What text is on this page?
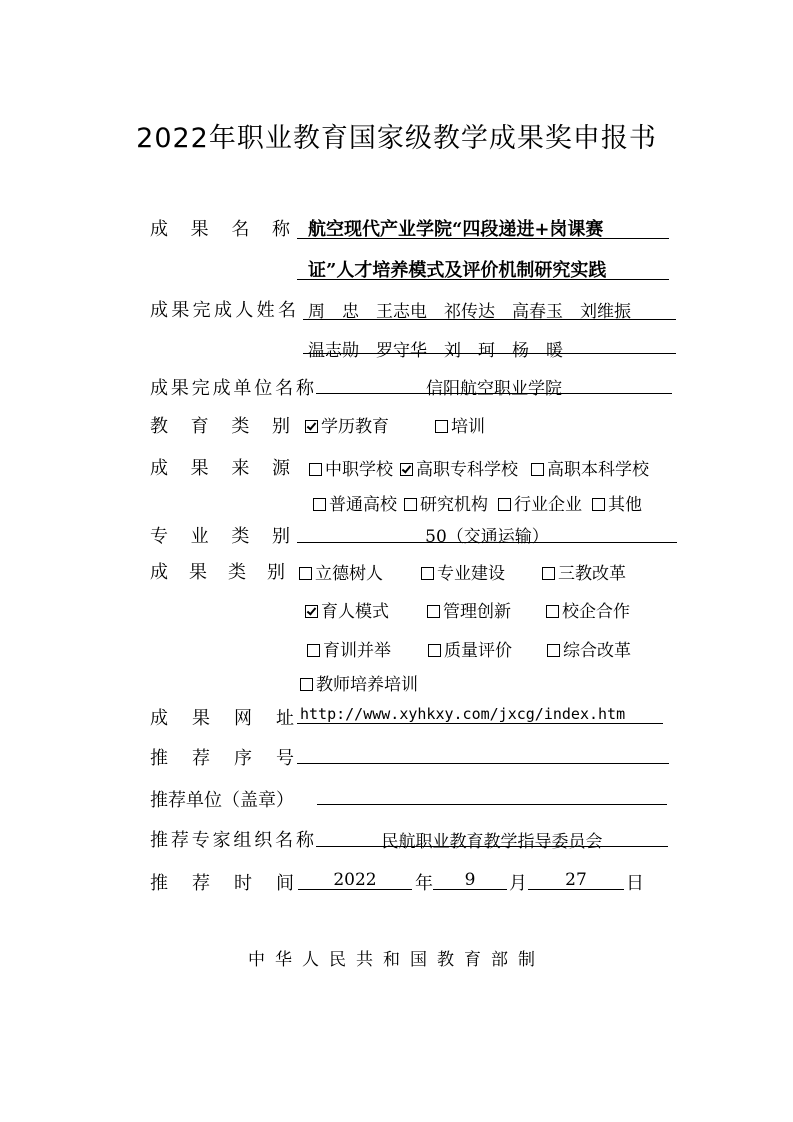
2022年职业教育国家级教学成果奖申报书
成果名称 航空现代产业学院“四段递进+岗课赛
证”人才培养模式及评价机制研究实践
成果完成人姓名 周　忠　王志电　祁传达　高春玉　刘维振
温志勋　罗守华　刘　珂　杨　暖
成果完成单位名称	信阳航空职业学院
教育类别	学历教育	培训
成果来源	中职学校	高职专科学校	高职本科学校
普通高校	研究机构	行业企业	其他
专业类别	50（交通运输）
成果类别	立德树人	专业建设	三教改革
育人模式	管理创新	校企合作
育训并举	质量评价	综合改革
教师培养培训
成果网址 http://www.xyhkxy.com/jxcg/index.htm
推荐序号
推荐单位（盖章）
推荐专家组织名称	民航职业教育教学指导委员会
推荐时间	2022	年	9	月	27	日
中华人民共和国教育部制
